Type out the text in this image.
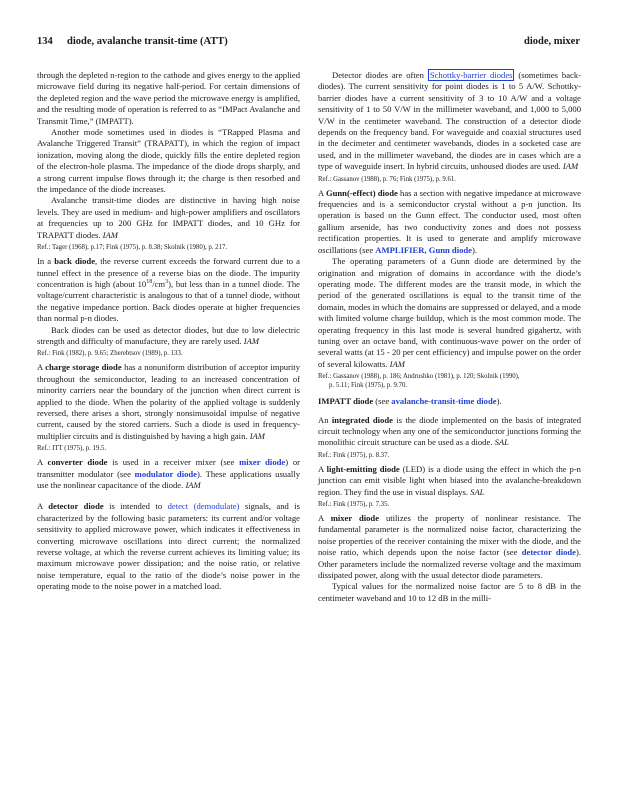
134 diode, avalanche transit-time (ATT)	diode, mixer

through the depleted n-region to the cathode and gives energy to the applied microwave field during its negative half-period. For certain dimensions of the depleted region and the wave period the microwave energy is amplified, and the resulting mode of operation is referred to as “IMPact Avalanche and Transmit Time,” (IMPATT).

Another mode sometimes used in diodes is “TRapped Plasma and Avalanche Triggered Transit” (TRAPATT), in which the region of impact ionization, moving along the diode, quickly fills the entire depleted region of the electron-hole plasma. The impedance of the diode drops sharply, and a strong current impulse flows through it; the charge is then resorbed and the impedance of the diode increases.

Avalanche transit-time diodes are distinctive in having high noise levels. They are used in medium- and high-power amplifiers and oscillators at frequencies up to 200 GHz for IMPATT diodes, and 10 GHz for TRAPATT diodes. IAM

Ref.: Tager (1968), p.17; Fink (1975), p. 8.38; Skolnik (1980), p. 217.

In a back diode, the reverse current exceeds the forward current due to a tunnel effect in the presence of a reverse bias on the diode. The impurity concentration is high (about $10^{18}/cm^3$), but less than in a tunnel diode. The voltage/current characteristic is analogous to that of a tunnel diode, without the negative impedance portion. Back diodes operate at higher frequencies than normal p-n diodes.

Back diodes can be used as detector diodes, but due to low dielectric strength and difficulty of manufacture, they are rarely used. IAM

Ref.: Fink (1982), p. 9.65; Zherebtsov (1989), p. 133.

A charge storage diode has a nonuniform distribution of acceptor impurity throughout the semiconductor, leading to an increased concentration of minority carriers near the boundary of the junction when direct current is applied to the diode. When the polarity of the applied voltage is suddenly reversed, there arises a short, strongly nonsimusoidal impulse of negative current, caused by the stored carriers. Such a diode is used in frequency-multiplier circuits and is distinguished by having a high gain. IAM

Ref.: ITT (1975), p. 19.5.

A converter diode is used in a receiver mixer (see mixer diode) or transmitter modulator (see modulator diode). These applications usually use the nonlinear capacitance of the diode. IAM

A detector diode is intended to detect (demodulate) signals, and is characterized by the following basic parameters: its current and/or voltage sensitivity to applied microwave power, which indicates it effectiveness in converting microwave oscillations into direct current; the normalized reverse voltage, at which the reverse current achieves its limiting value; its maximum microwave power dissipation; and the noise ratio, or relative noise temperature, equal to the ratio of the diode’s noise power in the operating mode to the noise power in a matched load.

Detector diodes are often Schottky-barrier diodes (sometimes back-diodes). The current sensitivity for point diodes is 1 to 5 A/W. Schottky-barrier diodes have a current sensitivity of 3 to 10 A/W and a voltage sensitivity of 1 to 50 V/W in the millimeter waveband, and 1,000 to 5,000 V/W in the centimeter waveband. The construction of a detector diode depends on the frequency band. For waveguide and coaxial structures used in the decimeter and centimeter wavebands, diodes in a socketed case are used, and in the millimeter waveband, the diodes are in cases which are a type of waveguide insert. In hybrid circuits, unhoused diodes are used. IAM

Ref.: Gassanov (1988), p. 76; Fink (1975), p. 9.61.

A Gunn(-effect) diode has a section with negative impedance at microwave frequencies and is a semiconductor crystal without a p-n junction. Its operation is based on the Gunn effect. The conductor used, most often gallium arsenide, has two conductivity zones and does not possess rectification properties. It is used to generate and amplify microwave oscillations (see AMPLIFIER, Gunn diode).

The operating parameters of a Gunn diode are determined by the origination and migration of domains in accordance with the diode’s operating mode. The different modes are the transit mode, in which the period of the generated oscillations is equal to the transit time of the domain, modes in which the domains are suppressed or delayed, and a mode with limited volume charge buildup, which is the most common mode. The operating frequency in this last mode is several hundred gigahertz, with tuning over an octave band, with continuous-wave power on the order of several watts (at 15 - 20 per cent efficiency) and impulse power on the order of several kilowatts. IAM

Ref.: Gassanov (1988), p. 186; Andrushko (1981), p. 120; Skolnik (1990),

p. 5.11; Fink (1975), p. 9.70.

IMPATT diode (see avalanche-transit-time diode).

An integrated diode is the diode implemented on the basis of integrated circuit technology when any one of the semiconductor junctions forming the monolithic circuit structure can be used as a diode. SAL

Ref.: Fink (1975), p. 8.37.

A light-emitting diode (LED) is a diode using the effect in which the p-n junction can emit visible light when biased into the avalanche-breakdown region. They find the use in visual displays. SAL

Ref.: Fink (1975), p. 7.35.

A mixer diode utilizes the property of nonlinear resistance. The fundamental parameter is the normalized noise factor, characterizing the noise properties of the receiver containing the mixer with the diode, and the noise ratio, which depends upon the noise factor (see detector diode). Other parameters include the normalized reverse voltage and the maximum dissipated power, along with the usual detector diode parameters.

Typical values for the normalized noise factor are 5 to 8 dB in the centimeter waveband and 10 to 12 dB in the milli-
